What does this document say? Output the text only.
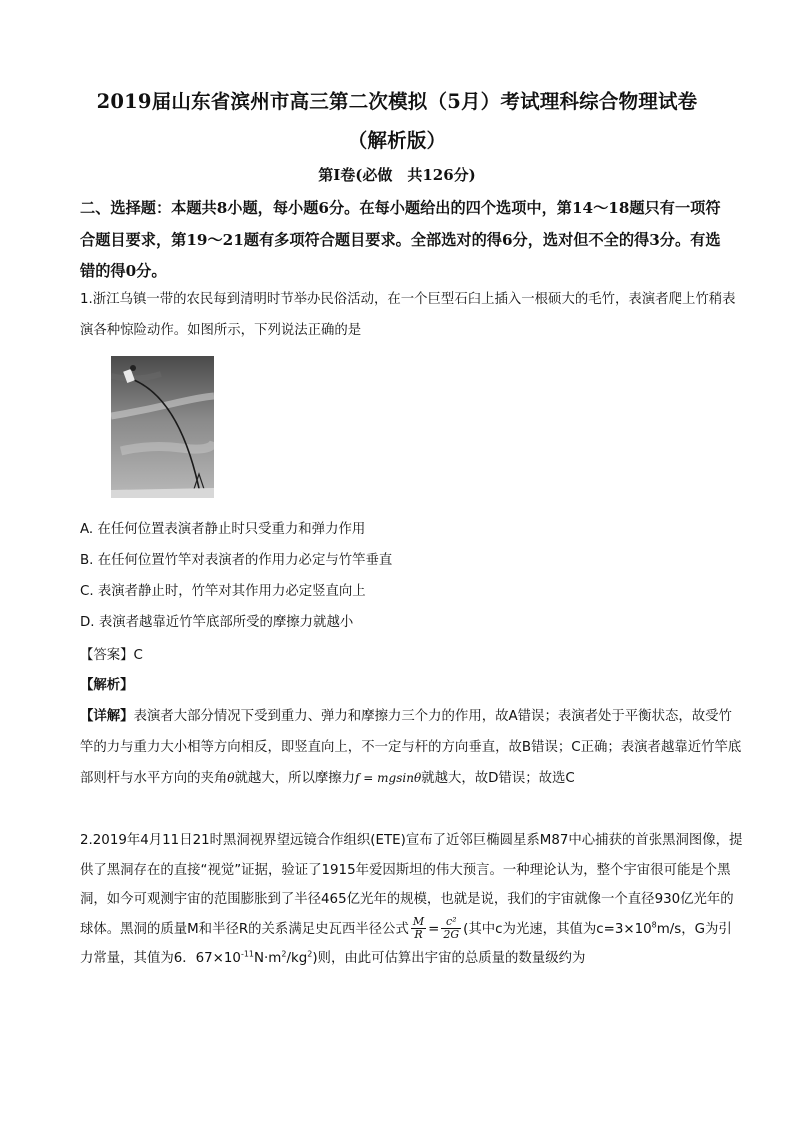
2019届山东省滨州市高三第二次模拟（5月）考试理科综合物理试卷
（解析版）
第Ⅰ卷(必做　共126分)
二、选择题：本题共8小题，每小题6分。在每小题给出的四个选项中，第14～18题只有一项符合题目要求，第19～21题有多项符合题目要求。全部选对的得6分，选对但不全的得3分。有选错的得0分。
1.浙江乌镇一带的农民每到清明时节举办民俗活动，在一个巨型石臼上插入一根硕大的毛竹，表演者爬上竹稍表演各种惊险动作。如图所示，下列说法正确的是
A. 在任何位置表演者静止时只受重力和弹力作用
B. 在任何位置竹竿对表演者的作用力必定与竹竿垂直
C. 表演者静止时，竹竿对其作用力必定竖直向上
D. 表演者越靠近竹竿底部所受的摩擦力就越小
【答案】C
【解析】
【详解】表演者大部分情况下受到重力、弹力和摩擦力三个力的作用，故A错误；表演者处于平衡状态，故受竹竿的力与重力大小相等方向相反，即竖直向上，不一定与杆的方向垂直，故B错误；C正确；表演者越靠近竹竿底部则杆与水平方向的夹角θ就越大，所以摩擦力f = mgsinθ就越大，故D错误；故选C
2.2019年4月11日21时黑洞视界望远镜合作组织(ETE)宣布了近邻巨椭圆星系M87中心捕获的首张黑洞图像，提供了黑洞存在的直接“视觉”证据，验证了1915年爱因斯坦的伟大预言。一种理论认为，整个宇宙很可能是个黑洞，如今可观测宇宙的范围膨胀到了半径465亿光年的规模，也就是说，我们的宇宙就像一个直径930亿光年的球体。黑洞的质量M和半径R的关系满足史瓦西半径公式 $\frac{M}{R} = \frac{\text{c²}}{2G}$ (其中c为光速，其值为$c=3\times 10^8m/s$，G为引力常量，其值为6．$67\times 10^{-11}N\cdot m^2/kg^2$)则，由此可估算出宇宙的总质量的数量级约为
